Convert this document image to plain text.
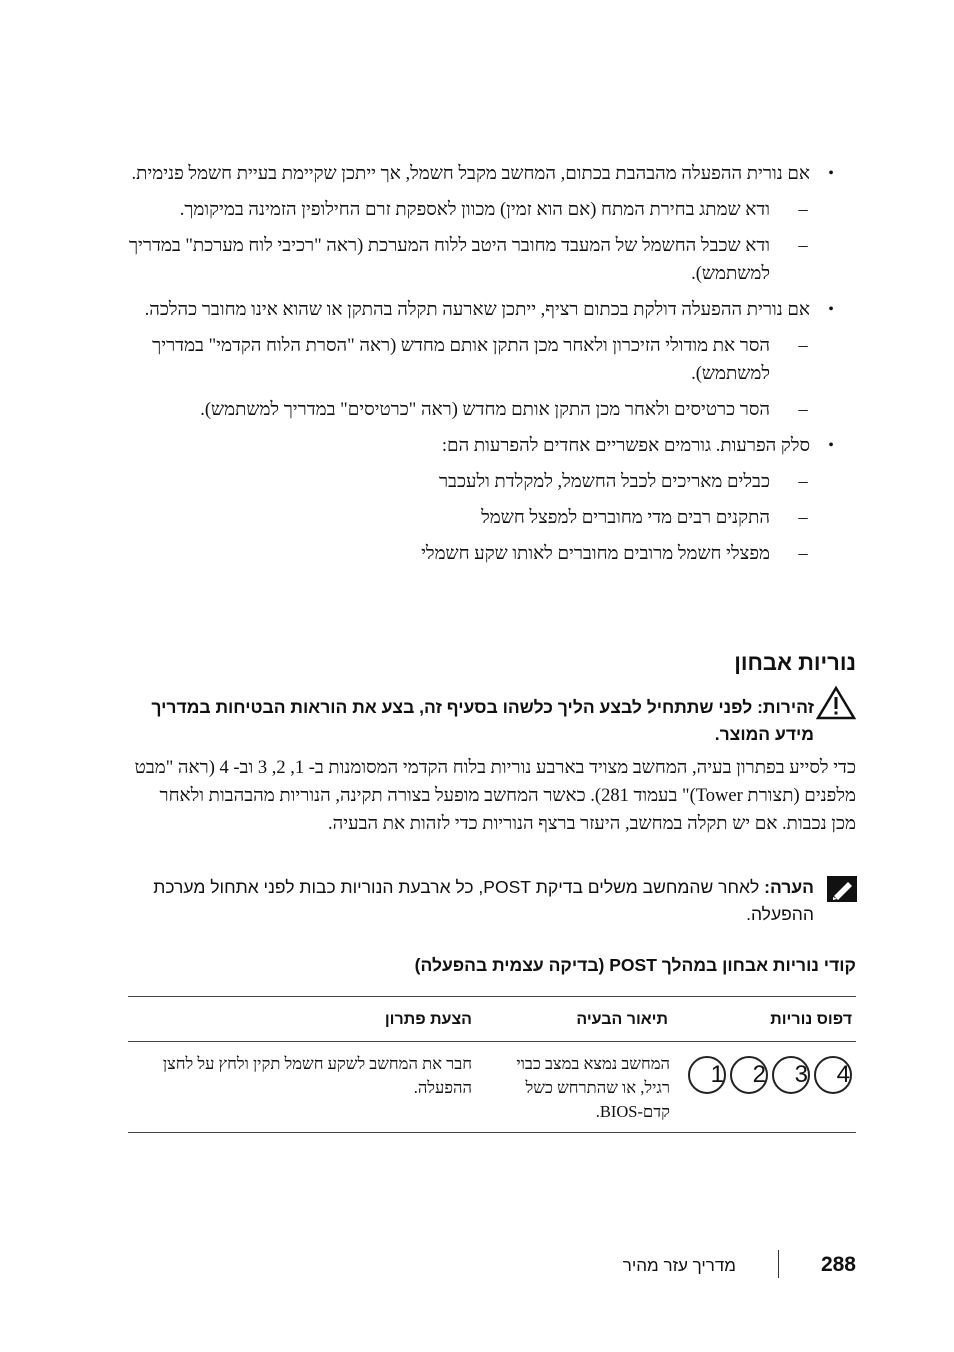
•
אם נורית ההפעלה מהבהבת בכתום, המחשב מקבל חשמל, אך ייתכן שקיימת בעיית חשמל פנימית.
–
ודא שמתג בחירת המתח (אם הוא זמין) מכוון לאספקת זרם החילופין הזמינה במיקומך.
–
ודא שכבל החשמל של המעבד מחובר היטב ללוח המערכת (ראה "רכיבי לוח מערכת" במדריך למשתמש).
•
אם נורית ההפעלה דולקת בכתום רציף, ייתכן שארעה תקלה בהתקן או שהוא אינו מחובר כהלכה.
–
הסר את מודולי הזיכרון ולאחר מכן התקן אותם מחדש (ראה "הסרת הלוח הקדמי" במדריך למשתמש).
–
הסר כרטיסים ולאחר מכן התקן אותם מחדש (ראה "כרטיסים" במדריך למשתמש).
•
סלק הפרעות. גורמים אפשריים אחדים להפרעות הם:
–
כבלים מאריכים לכבל החשמל, למקלדת ולעכבר
–
התקנים רבים מדי מחוברים למפצל חשמל
–
מפצלי חשמל מרובים מחוברים לאותו שקע חשמלי
נוריות אבחון
זהירות: לפני שתתחיל לבצע הליך כלשהו בסעיף זה, בצע את הוראות הבטיחות במדריך מידע המוצר.
כדי לסייע בפתרון בעיה, המחשב מצויד בארבע נוריות בלוח הקדמי המסומנות ב- 1, 2, 3 וב- 4 (ראה "מבט מלפנים (תצורת Tower)" בעמוד 281). כאשר המחשב מופעל בצורה תקינה, הנוריות מהבהבות ולאחר מכן נכבות. אם יש תקלה במחשב, היעזר ברצף הנוריות כדי לזהות את הבעיה.
הערה: לאחר שהמחשב משלים בדיקת POST, כל ארבעת הנוריות כבות לפני אתחול מערכת ההפעלה.
קודי נוריות אבחון במהלך POST (בדיקה עצמית בהפעלה)
דפוס נוריות
תיאור הבעיה
הצעת פתרון
1 2 3 4
המחשב נמצא במצב כבוי רגיל, או שהתרחש כשל קדם-BIOS.
חבר את המחשב לשקע חשמל תקין ולחץ על לחצן ההפעלה.
288
מדריך עזר מהיר
